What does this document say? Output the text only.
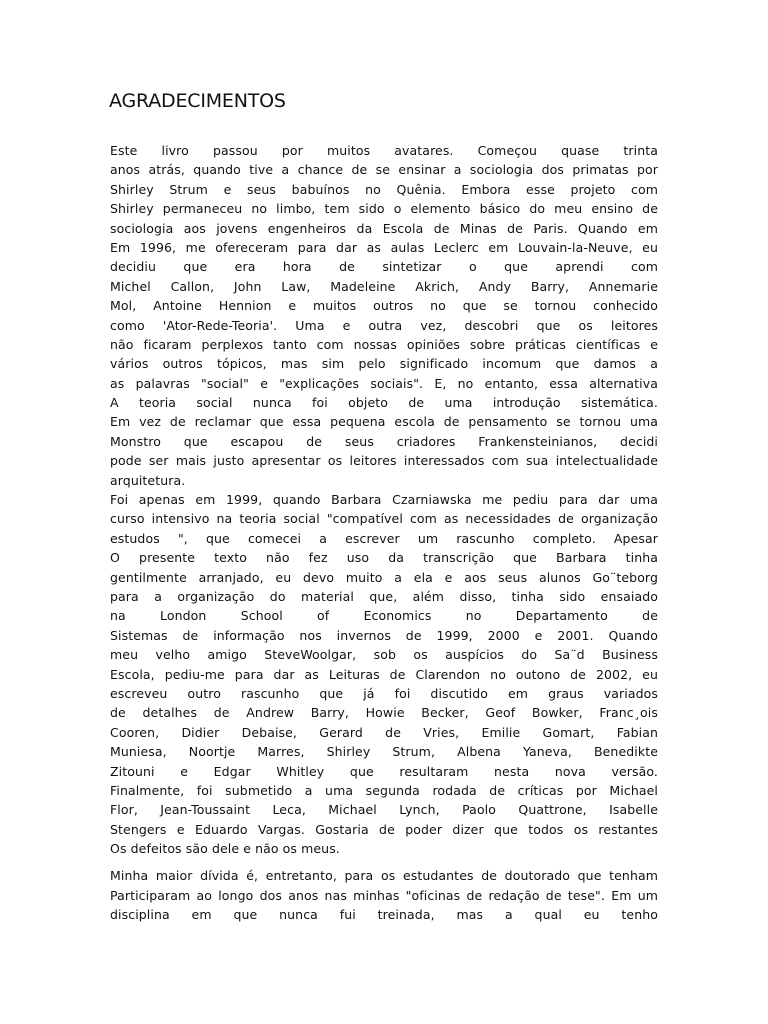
AGRADECIMENTOS
Este livro passou por muitos avatares. Começou quase trinta
anos atrás, quando tive a chance de se ensinar a sociologia dos primatas por
Shirley Strum e seus babuínos no Quênia. Embora esse projeto com
Shirley permaneceu no limbo, tem sido o elemento básico do meu ensino de
sociologia aos jovens engenheiros da Escola de Minas de Paris. Quando em
Em 1996, me ofereceram para dar as aulas Leclerc em Louvain-la-Neuve, eu
decidiu que era hora de sintetizar o que aprendi com
Michel Callon, John Law, Madeleine Akrich, Andy Barry, Annemarie
Mol, Antoine Hennion e muitos outros no que se tornou conhecido
como 'Ator-Rede-Teoria'. Uma e outra vez, descobri que os leitores
não ficaram perplexos tanto com nossas opiniões sobre práticas científicas e
vários outros tópicos, mas sim pelo significado incomum que damos a
as palavras "social" e "explicações sociais". E, no entanto, essa alternativa
A teoria social nunca foi objeto de uma introdução sistemática.
Em vez de reclamar que essa pequena escola de pensamento se tornou uma
Monstro que escapou de seus criadores Frankensteinianos, decidi
pode ser mais justo apresentar os leitores interessados com sua intelectualidade
arquitetura.
Foi apenas em 1999, quando Barbara Czarniawska me pediu para dar uma
curso intensivo na teoria social "compatível com as necessidades de organização
estudos ", que comecei a escrever um rascunho completo. Apesar
O presente texto não fez uso da transcrição que Barbara tinha
gentilmente arranjado, eu devo muito a ela e aos seus alunos Go¨teborg
para a organização do material que, além disso, tinha sido ensaiado
na London School of Economics no Departamento de
Sistemas de informação nos invernos de 1999, 2000 e 2001. Quando
meu velho amigo SteveWoolgar, sob os auspícios do Sa¨d Business
Escola, pediu-me para dar as Leituras de Clarendon no outono de 2002, eu
escreveu outro rascunho que já foi discutido em graus variados
de detalhes de Andrew Barry, Howie Becker, Geof Bowker, Franc¸ois
Cooren, Didier Debaise, Gerard de Vries, Emilie Gomart, Fabian
Muniesa, Noortje Marres, Shirley Strum, Albena Yaneva, Benedikte
Zitouni e Edgar Whitley que resultaram nesta nova versão.
Finalmente, foi submetido a uma segunda rodada de críticas por Michael
Flor, Jean-Toussaint Leca, Michael Lynch, Paolo Quattrone, Isabelle
Stengers e Eduardo Vargas. Gostaria de poder dizer que todos os restantes
Os defeitos são dele e não os meus.
Minha maior dívida é, entretanto, para os estudantes de doutorado que tenham
Participaram ao longo dos anos nas minhas "oficinas de redação de tese". Em um
disciplina em que nunca fui treinada, mas a qual eu tenho
